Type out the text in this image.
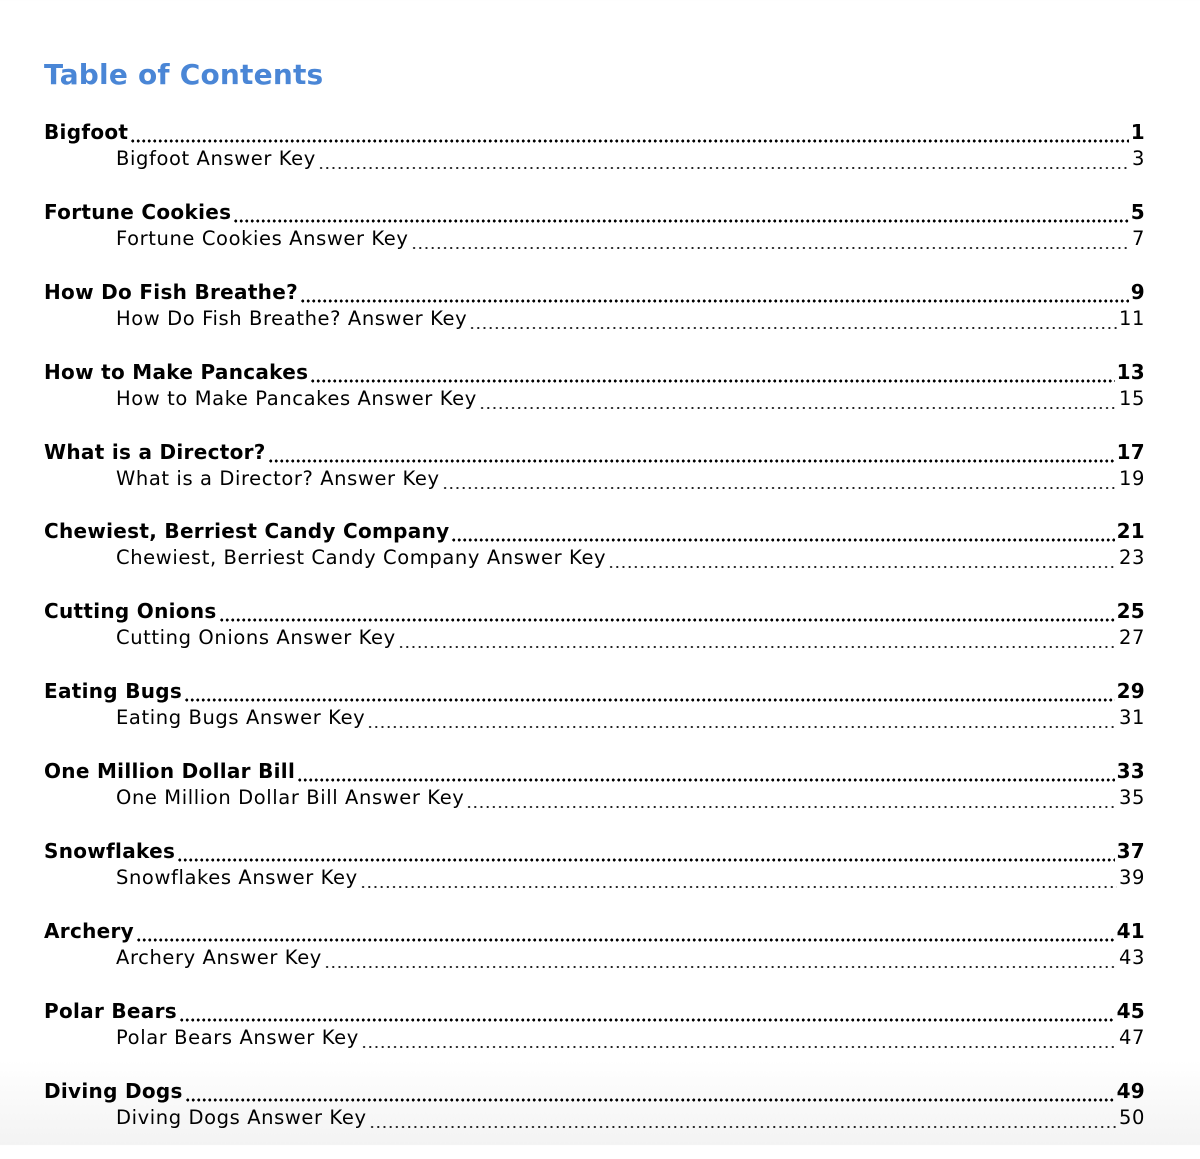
Table of Contents
Bigfoot	1
Bigfoot Answer Key	3
Fortune Cookies	5
Fortune Cookies Answer Key	7
How Do Fish Breathe?	9
How Do Fish Breathe? Answer Key	11
How to Make Pancakes	13
How to Make Pancakes Answer Key	15
What is a Director?	17
What is a Director? Answer Key	19
Chewiest, Berriest Candy Company	21
Chewiest, Berriest Candy Company Answer Key	23
Cutting Onions	25
Cutting Onions Answer Key	27
Eating Bugs	29
Eating Bugs Answer Key	31
One Million Dollar Bill	33
One Million Dollar Bill Answer Key	35
Snowflakes	37
Snowflakes Answer Key	39
Archery	41
Archery Answer Key	43
Polar Bears	45
Polar Bears Answer Key	47
Diving Dogs	49
Diving Dogs Answer Key	50
